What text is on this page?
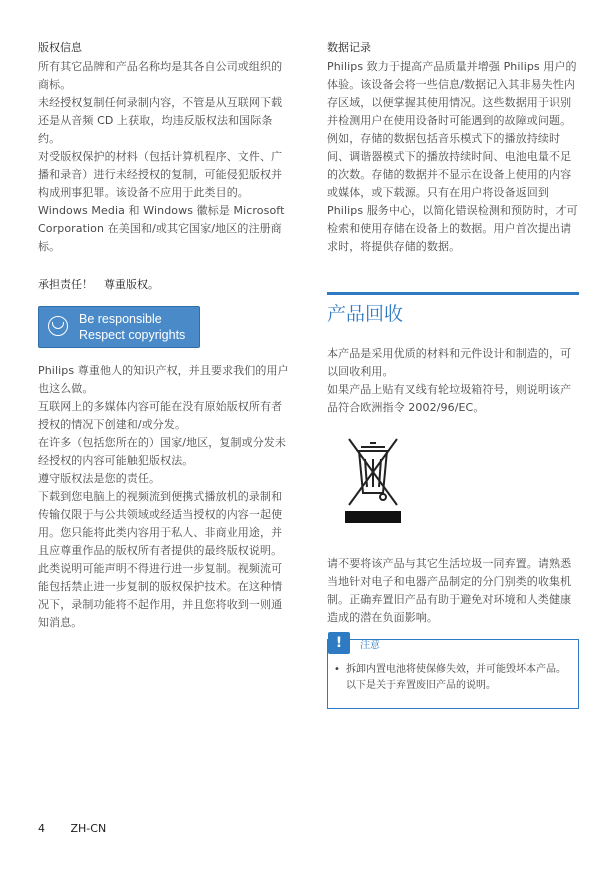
版权信息

所有其它品牌和产品名称均是其各自公司或组织的商标。

未经授权复制任何录制内容，不管是从互联网下载还是从音频 CD 上获取，均违反版权法和国际条约。

对受版权保护的材料（包括计算机程序、文件、广播和录音）进行未经授权的复制，可能侵犯版权并构成刑事犯罪。该设备不应用于此类目的。

Windows Media 和 Windows 徽标是 Microsoft Corporation 在美国和/或其它国家/地区的注册商标。

承担责任！　尊重版权。
Be responsible
Respect copyrights

Philips 尊重他人的知识产权，并且要求我们的用户也这么做。

互联网上的多媒体内容可能在没有原始版权所有者授权的情况下创建和/或分发。

在许多（包括您所在的）国家/地区，复制或分发未经授权的内容可能触犯版权法。

遵守版权法是您的责任。

下载到您电脑上的视频流到便携式播放机的录制和传输仅限于与公共领域或经适当授权的内容一起使用。您只能将此类内容用于私人、非商业用途，并且应尊重作品的版权所有者提供的最终版权说明。此类说明可能声明不得进行进一步复制。视频流可能包括禁止进一步复制的版权保护技术。在这种情况下，录制功能将不起作用，并且您将收到一则通知消息。

数据记录

Philips 致力于提高产品质量并增强 Philips 用户的体验。该设备会将一些信息/数据记入其非易失性内存区域，以便掌握其使用情况。这些数据用于识别并检测用户在使用设备时可能遇到的故障或问题。例如，存储的数据包括音乐模式下的播放持续时间、调谐器模式下的播放持续时间、电池电量不足的次数。存储的数据并不显示在设备上使用的内容或媒体，或下载源。只有在用户将设备返回到 Philips 服务中心，以简化错误检测和预防时，才可检索和使用存储在设备上的数据。用户首次提出请求时，将提供存储的数据。

产品回收

本产品是采用优质的材料和元件设计和制造的，可以回收利用。

如果产品上贴有叉线有轮垃圾箱符号，则说明该产品符合欧洲指令 2002/96/EC。

请不要将该产品与其它生活垃圾一同弃置。请熟悉当地针对电子和电器产品制定的分门别类的收集机制。正确弃置旧产品有助于避免对环境和人类健康造成的潜在负面影响。

!	注意

• 拆卸内置电池将使保修失效，并可能毁坏本产品。以下是关于弃置废旧产品的说明。

4 ZH-CN
